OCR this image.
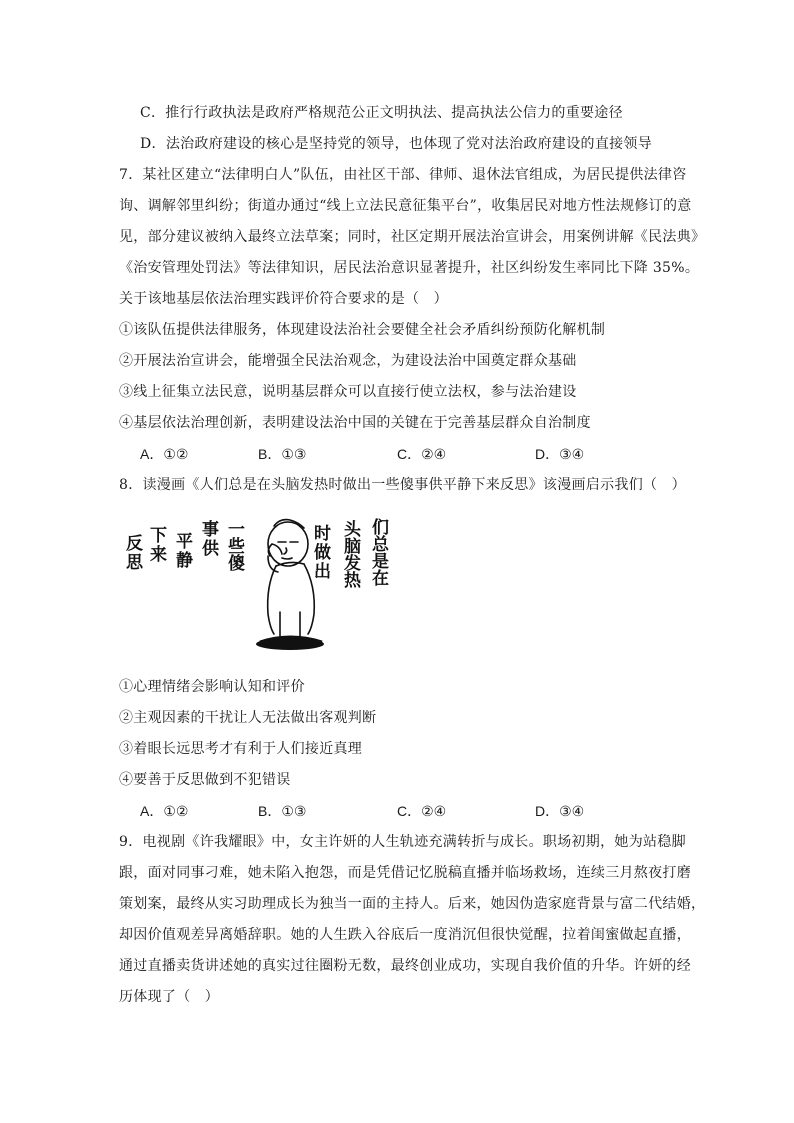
C．推行行政执法是政府严格规范公正文明执法、提高执法公信力的重要途径
D．法治政府建设的核心是坚持党的领导，也体现了党对法治政府建设的直接领导
7．某社区建立“法律明白人”队伍，由社区干部、律师、退休法官组成，为居民提供法律咨
询、调解邻里纠纷；街道办通过“线上立法民意征集平台”，收集居民对地方性法规修订的意
见，部分建议被纳入最终立法草案；同时，社区定期开展法治宣讲会，用案例讲解《民法典》
《治安管理处罚法》等法律知识，居民法治意识显著提升，社区纠纷发生率同比下降 35%。
关于该地基层依法治理实践评价符合要求的是（　）
①该队伍提供法律服务，体现建设法治社会要健全社会矛盾纠纷预防化解机制
②开展法治宣讲会，能增强全民法治观念，为建设法治中国奠定群众基础
③线上征集立法民意，说明基层群众可以直接行使立法权，参与法治建设
④基层依法治理创新，表明建设法治中国的关键在于完善基层群众自治制度
A．①②	B．①③	C．②④	D．③④
8．读漫画《人们总是在头脑发热时做出一些傻事供平静下来反思》该漫画启示我们（　）
反思 下来 平静 事供 一些傻	时做出 头脑发热 们总是在
①心理情绪会影响认知和评价
②主观因素的干扰让人无法做出客观判断
③着眼长远思考才有利于人们接近真理
④要善于反思做到不犯错误
A．①②	B．①③	C．②④	D．③④
9．电视剧《许我耀眼》中，女主许妍的人生轨迹充满转折与成长。职场初期，她为站稳脚
跟，面对同事刁难，她未陷入抱怨，而是凭借记忆脱稿直播并临场救场，连续三月熬夜打磨
策划案，最终从实习助理成长为独当一面的主持人。后来，她因伪造家庭背景与富二代结婚，
却因价值观差异离婚辞职。她的人生跌入谷底后一度消沉但很快觉醒，拉着闺蜜做起直播，
通过直播卖货讲述她的真实过往圈粉无数，最终创业成功，实现自我价值的升华。许妍的经
历体现了（　）
